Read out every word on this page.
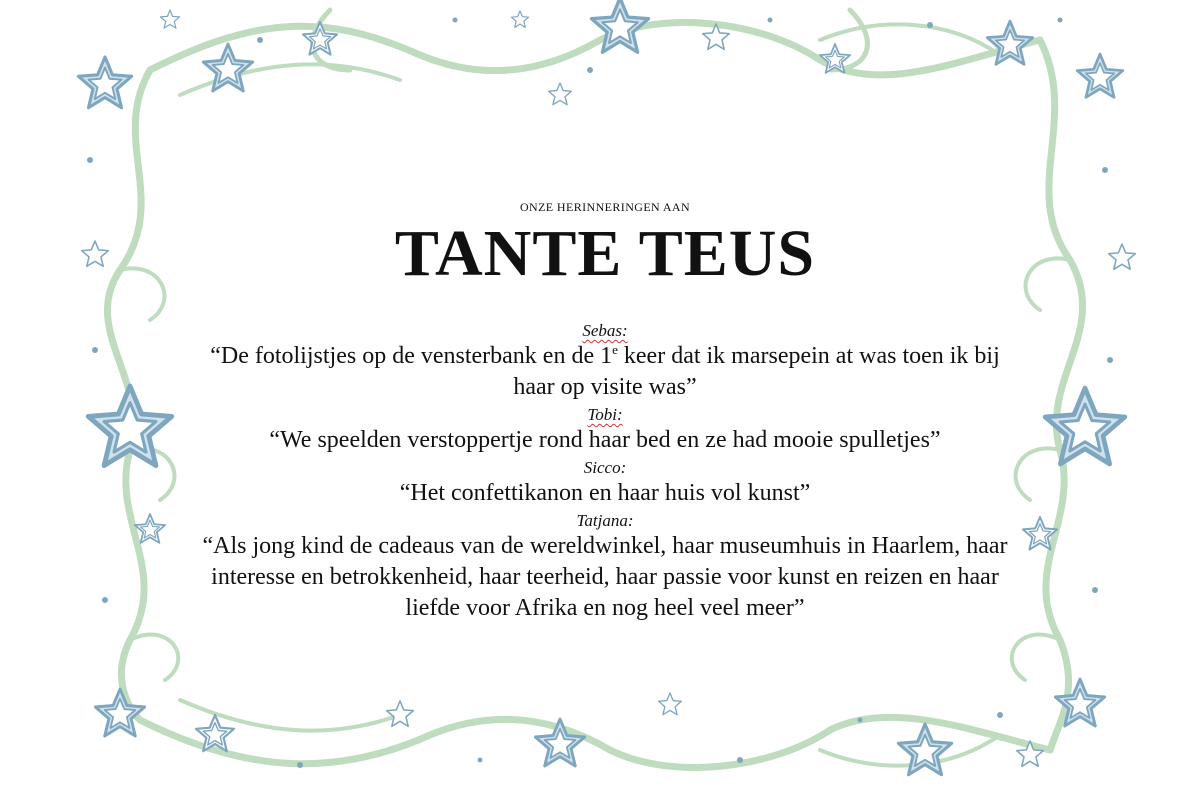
ONZE HERINNERINGEN AAN
TANTE TEUS
Sebas:
“De fotolijstjes op de vensterbank en de 1e keer dat ik marsepein at was toen ik bij haar op visite was”
Tobi:
“We speelden verstoppertje rond haar bed en ze had mooie spulletjes”
Sicco:
“Het confettikanon en haar huis vol kunst”
Tatjana:
“Als jong kind de cadeaus van de wereldwinkel, haar museumhuis in Haarlem, haar interesse en betrokkenheid, haar teerheid, haar passie voor kunst en reizen en haar liefde voor Afrika en nog heel veel meer”
